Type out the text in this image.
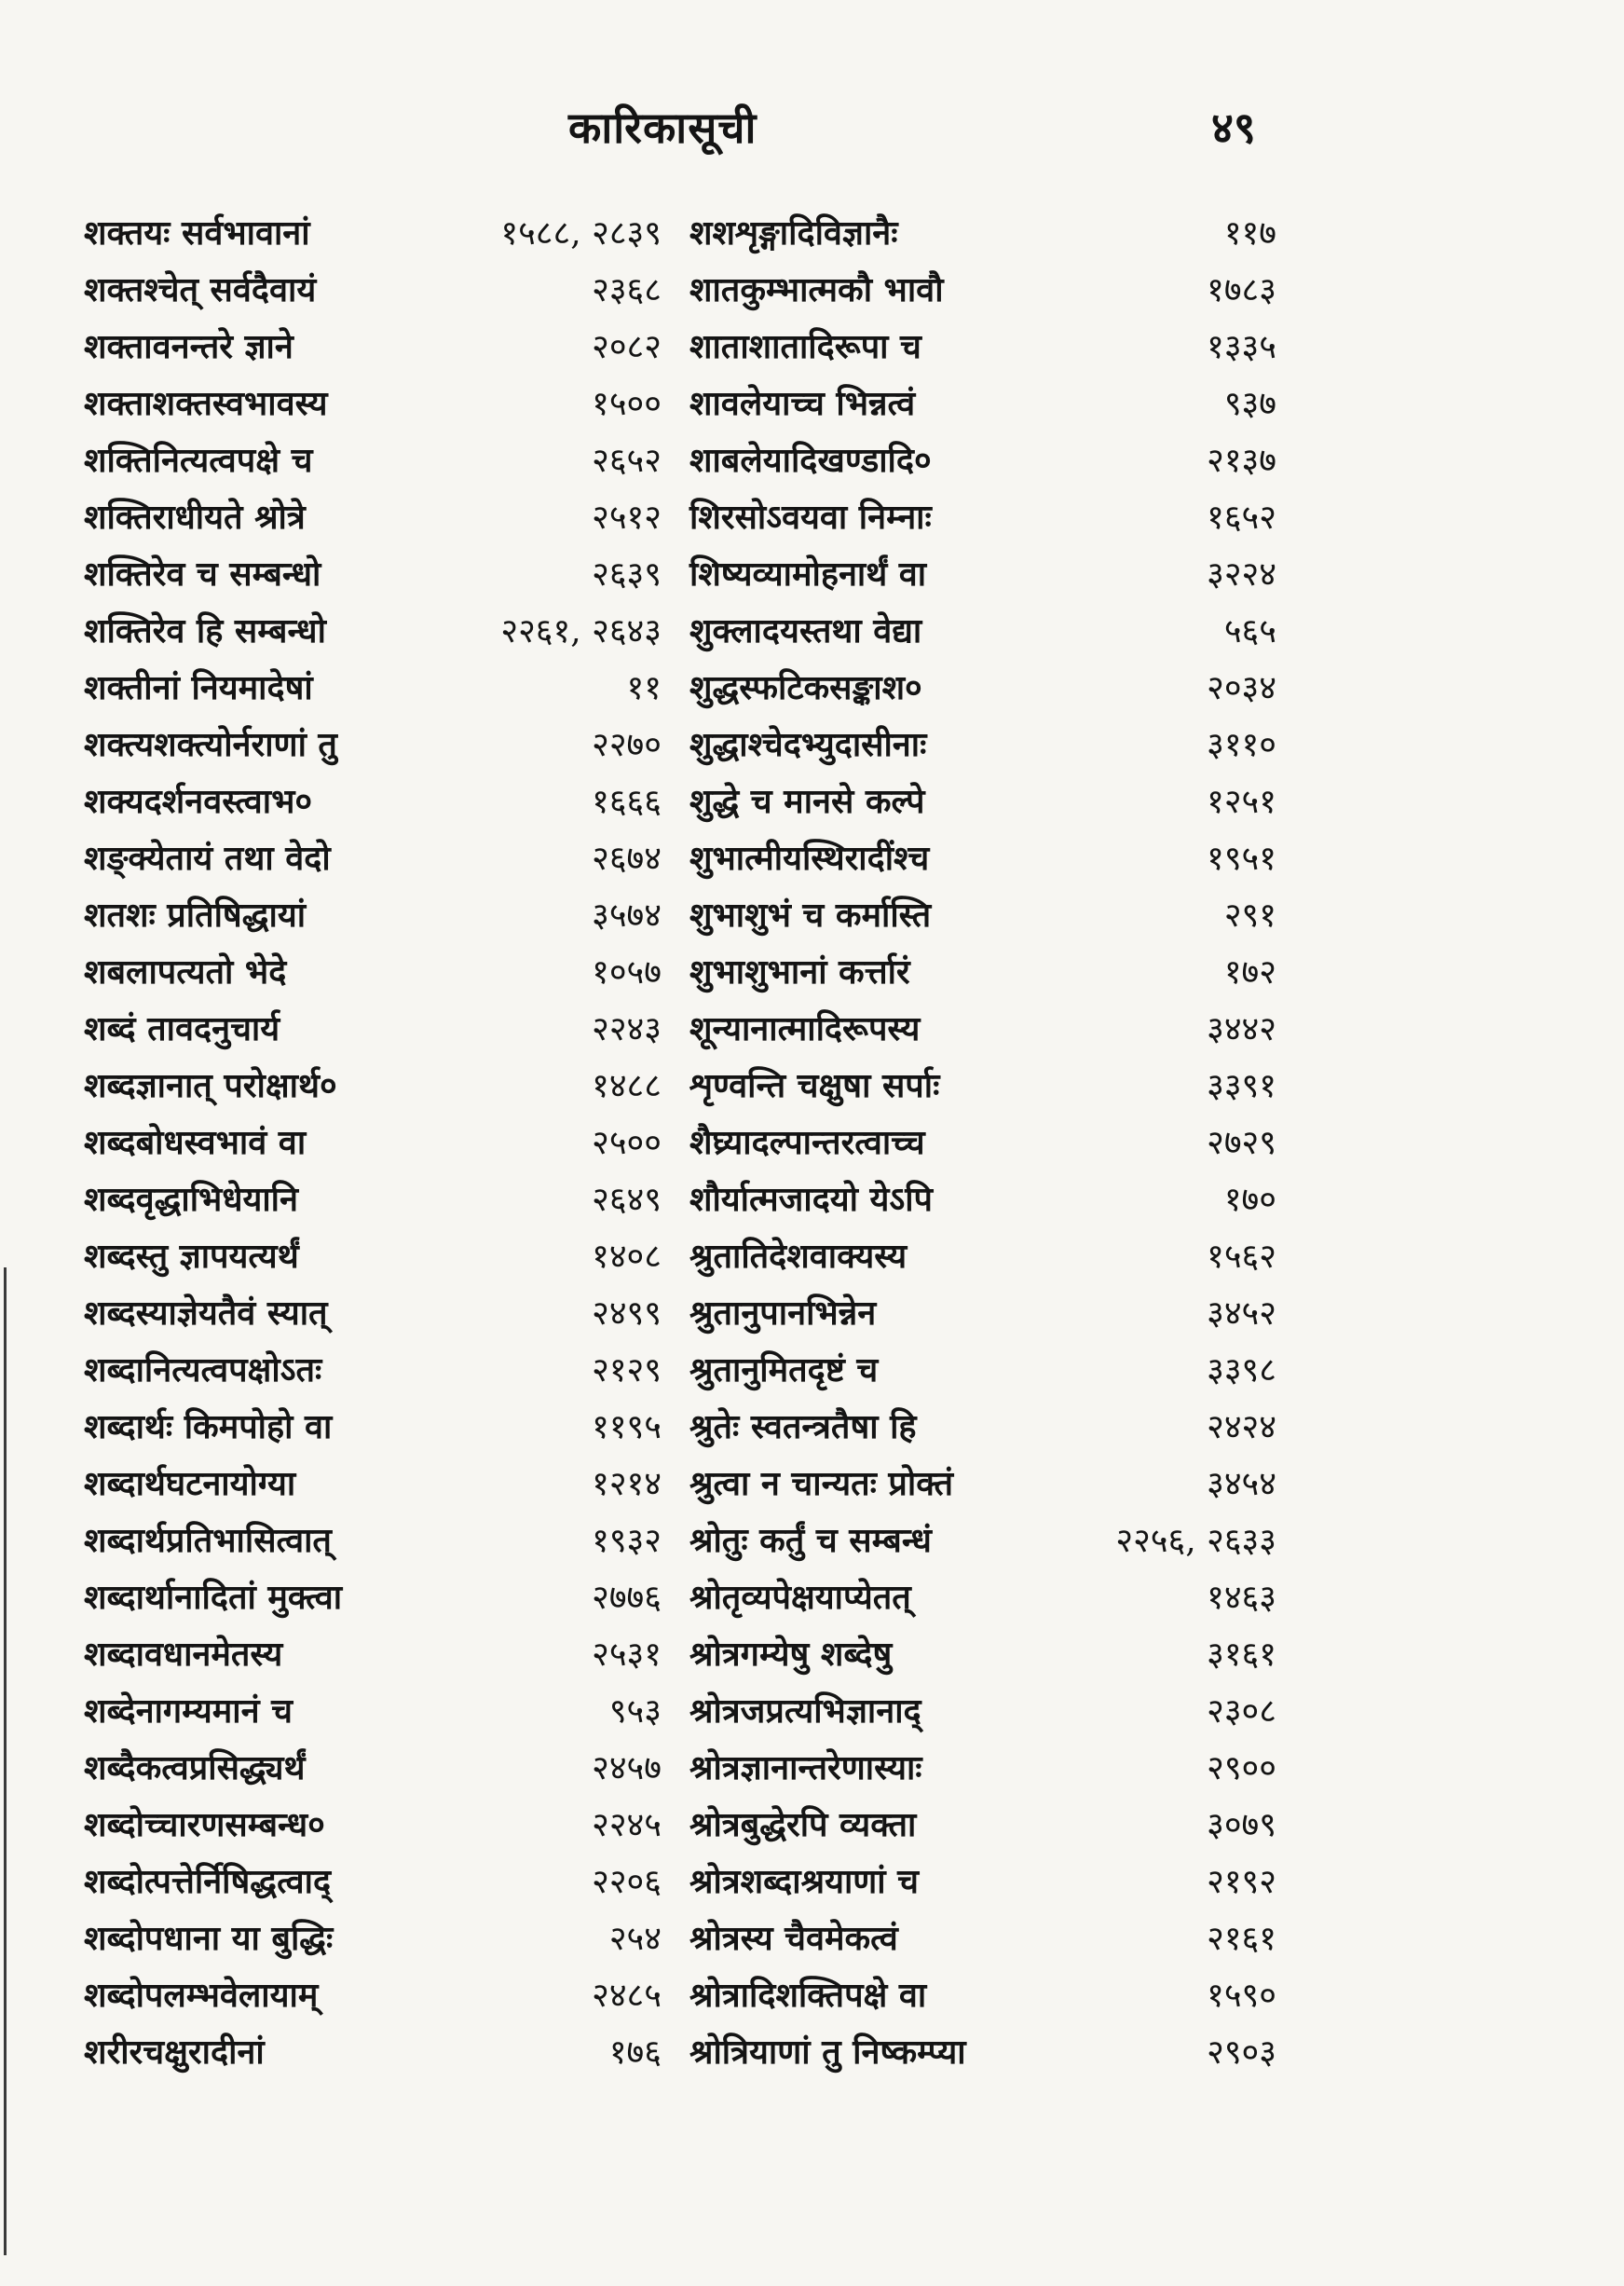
कारिकासूची	४९
शक्तयः सर्वभावानां	१५८८, २८३९
शक्तश्चेत् सर्वदैवायं	२३६८
शक्तावनन्तरे ज्ञाने	२०८२
शक्ताशक्तस्वभावस्य	१५००
शक्तिनित्यत्वपक्षे च	२६५२
शक्तिराधीयते श्रोत्रे	२५१२
शक्तिरेव च सम्बन्धो	२६३९
शक्तिरेव हि सम्बन्धो	२२६१, २६४३
शक्तीनां नियमादेषां	११
शक्त्यशक्त्योर्नराणां तु	२२७०
शक्यदर्शनवस्त्वाभ०	१६६६
शङ्क्येतायं तथा वेदो	२६७४
शतशः प्रतिषिद्धायां	३५७४
शबलापत्यतो भेदे	१०५७
शब्दं तावदनुचार्य	२२४३
शब्दज्ञानात् परोक्षार्थ०	१४८८
शब्दबोधस्वभावं वा	२५००
शब्दवृद्धाभिधेयानि	२६४९
शब्दस्तु ज्ञापयत्यर्थं	१४०८
शब्दस्याज्ञेयतैवं स्यात्	२४९९
शब्दानित्यत्वपक्षोऽतः	२१२९
शब्दार्थः किमपोहो वा	११९५
शब्दार्थघटनायोग्या	१२१४
शब्दार्थप्रतिभासित्वात्	१९३२
शब्दार्थानादितां मुक्त्वा	२७७६
शब्दावधानमेतस्य	२५३१
शब्देनागम्यमानं च	९५३
शब्दैकत्वप्रसिद्ध्यर्थं	२४५७
शब्दोच्चारणसम्बन्ध०	२२४५
शब्दोत्पत्तेर्निषिद्धत्वाद्	२२०६
शब्दोपधाना या बुद्धिः	२५४
शब्दोपलम्भवेलायाम्	२४८५
शरीरचक्षुरादीनां	१७६
शशशृङ्गादिविज्ञानैः	११७
शातकुम्भात्मकौ भावौ	१७८३
शाताशातादिरूपा च	१३३५
शावलेयाच्च भिन्नत्वं	९३७
शाबलेयादिखण्डादि०	२१३७
शिरसोऽवयवा निम्नाः	१६५२
शिष्यव्यामोहनार्थं वा	३२२४
शुक्लादयस्तथा वेद्या	५६५
शुद्धस्फटिकसङ्काश०	२०३४
शुद्धाश्चेदभ्युदासीनाः	३११०
शुद्धे च मानसे कल्पे	१२५१
शुभात्मीयस्थिरादींश्च	१९५१
शुभाशुभं च कर्मास्ति	२९१
शुभाशुभानां कर्त्तारं	१७२
शून्यानात्मादिरूपस्य	३४४२
शृण्वन्ति चक्षुषा सर्पाः	३३९१
शैघ्र्यादल्पान्तरत्वाच्च	२७२९
शौर्यात्मजादयो येऽपि	१७०
श्रुतातिदेशवाक्यस्य	१५६२
श्रुतानुपानभिन्नेन	३४५२
श्रुतानुमितदृष्टं च	३३९८
श्रुतेः स्वतन्त्रतैषा हि	२४२४
श्रुत्वा न चान्यतः प्रोक्तं	३४५४
श्रोतुः कर्तुं च सम्बन्धं	२२५६, २६३३
श्रोतृव्यपेक्षयाप्येतत्	१४६३
श्रोत्रगम्येषु शब्देषु	३१६१
श्रोत्रजप्रत्यभिज्ञानाद्	२३०८
श्रोत्रज्ञानान्तरेणास्याः	२९००
श्रोत्रबुद्धेरपि व्यक्ता	३०७९
श्रोत्रशब्दाश्रयाणां च	२१९२
श्रोत्रस्य चैवमेकत्वं	२१६१
श्रोत्रादिशक्तिपक्षे वा	१५९०
श्रोत्रियाणां तु निष्कम्प्या	२९०३
